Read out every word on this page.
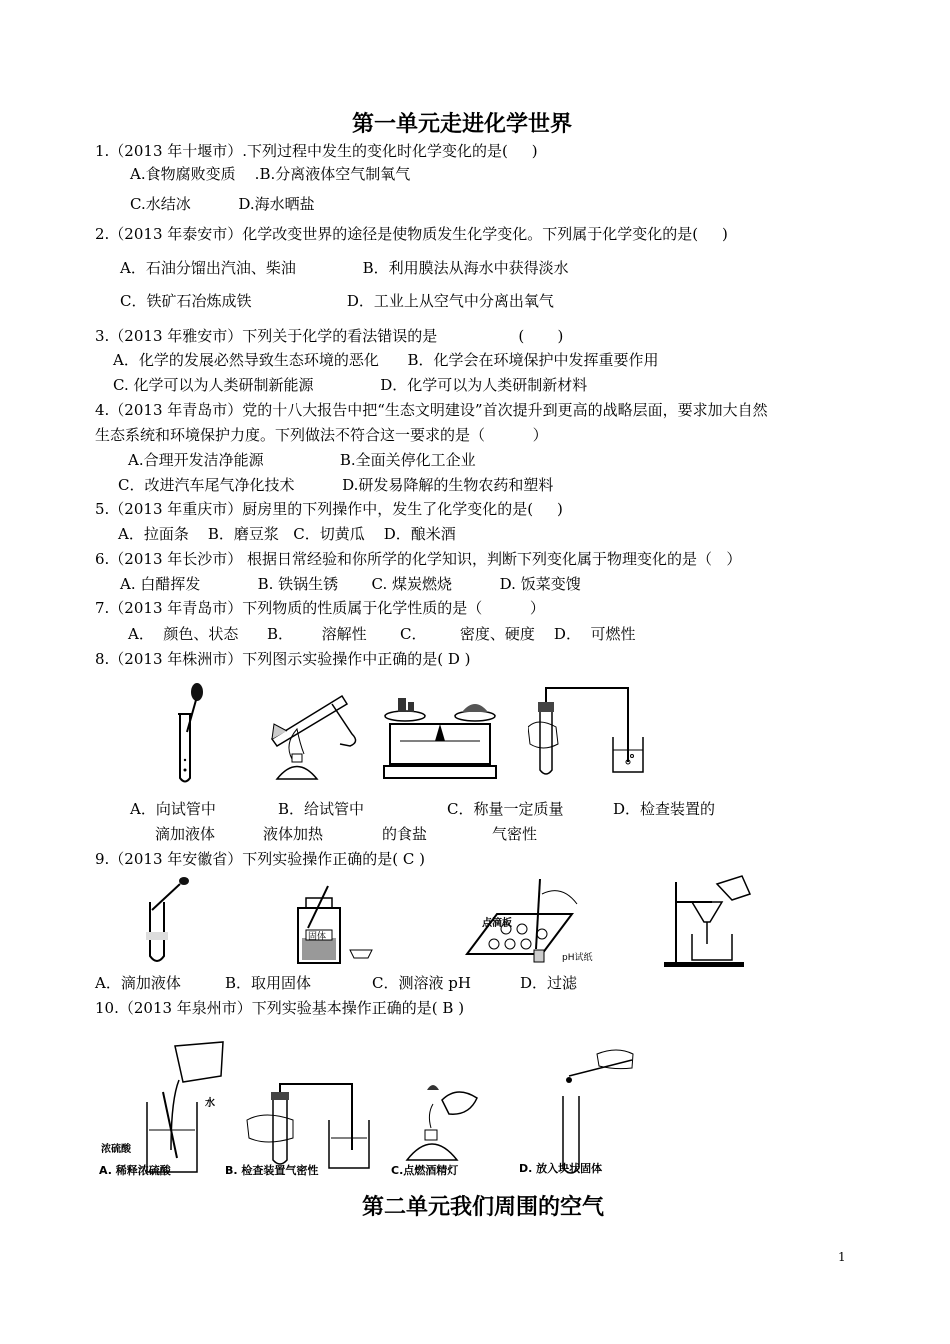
第一单元走进化学世界
1.（2013 年十堰市）.下列过程中发生的变化时化学变化的是(     )
A.食物腐败变质    .B.分离液体空气制氧气
C.水结冰          D.海水晒盐
2.（2013 年泰安市）化学改变世界的途径是使物质发生化学变化。下列属于化学变化的是(     )
A．石油分馏出汽油、柴油              B．利用膜法从海水中获得淡水
C．铁矿石冶炼成铁                    D．工业上从空气中分离出氧气
3.（2013 年雅安市）下列关于化学的看法错误的是                 (       )
A．化学的发展必然导致生态环境的恶化      B．化学会在环境保护中发挥重要作用
C. 化学可以为人类研制新能源              D．化学可以为人类研制新材料
4.（2013 年青岛市）党的十八大报告中把“生态文明建设”首次提升到更高的战略层面，要求加大自然
生态系统和环境保护力度。下列做法不符合这一要求的是（          ）
A.合理开发洁净能源                B.全面关停化工企业
C．改进汽车尾气净化技术          D.研发易降解的生物农药和塑料
5.（2013 年重庆市）厨房里的下列操作中，发生了化学变化的是(     )
A．拉面条    B．磨豆浆   C．切黄瓜    D．酿米酒
6.（2013 年长沙市） 根据日常经验和你所学的化学知识，判断下列变化属于物理变化的是（   ）
A. 白醋挥发            B. 铁锅生锈       C. 煤炭燃烧          D. 饭菜变馊
7.（2013 年青岛市）下列物质的性质属于化学性质的是（          ）
A．  颜色、状态      B．      溶解性       C．       密度、硬度    D．  可燃性
8.（2013 年株洲市）下列图示实验操作中正确的是( D )
A．向试管中	B．给试管中	C．称量一定质量	D．检查装置的
滴加液体	液体加热	的食盐	气密性
9.（2013 年安徽省）下列实验操作正确的是( C )
固体
点滴板
pH试纸
A．滴加液体	B．取用固体	C．测溶液 pH	D．过滤
10.（2013 年泉州市）下列实验基本操作正确的是( B )
水
浓硫酸
A. 稀释浓硫酸	B. 检查装置气密性	C.点燃酒精灯	D. 放入块状固体
第二单元我们周围的空气
1
